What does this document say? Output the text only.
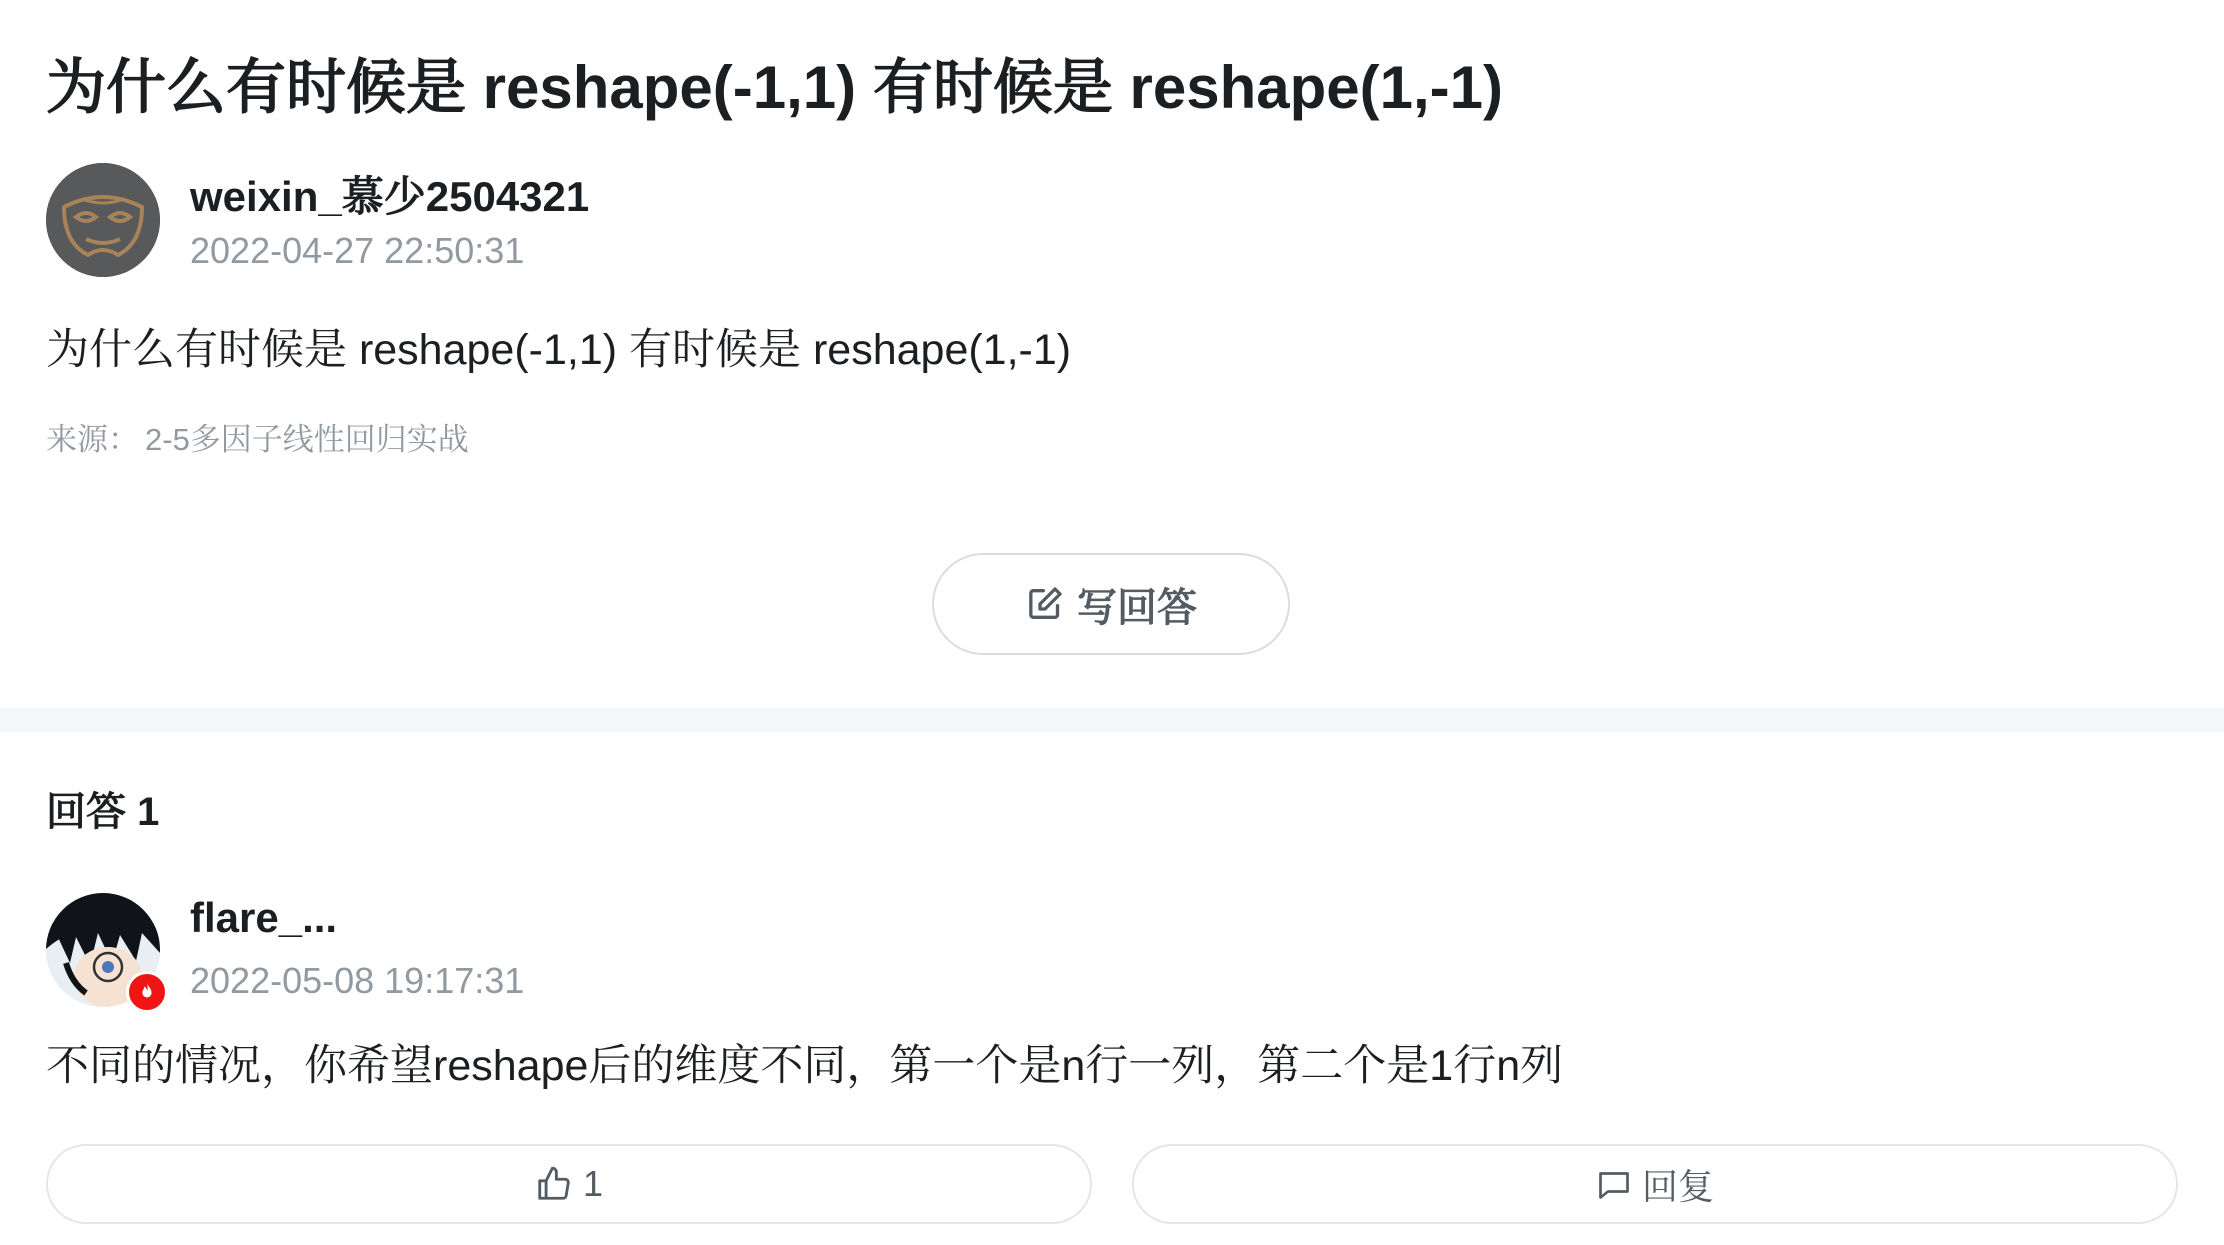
为什么有时候是 reshape(-1,1) 有时候是 reshape(1,-1)
weixin_慕少2504321
2022-04-27 22:50:31
为什么有时候是 reshape(-1,1) 有时候是 reshape(1,-1)
来源： 2-5多因子线性回归实战
写回答
回答 1
flare_...
2022-05-08 19:17:31
不同的情况，你希望reshape后的维度不同，第一个是n行一列，第二个是1行n列
1	回复
